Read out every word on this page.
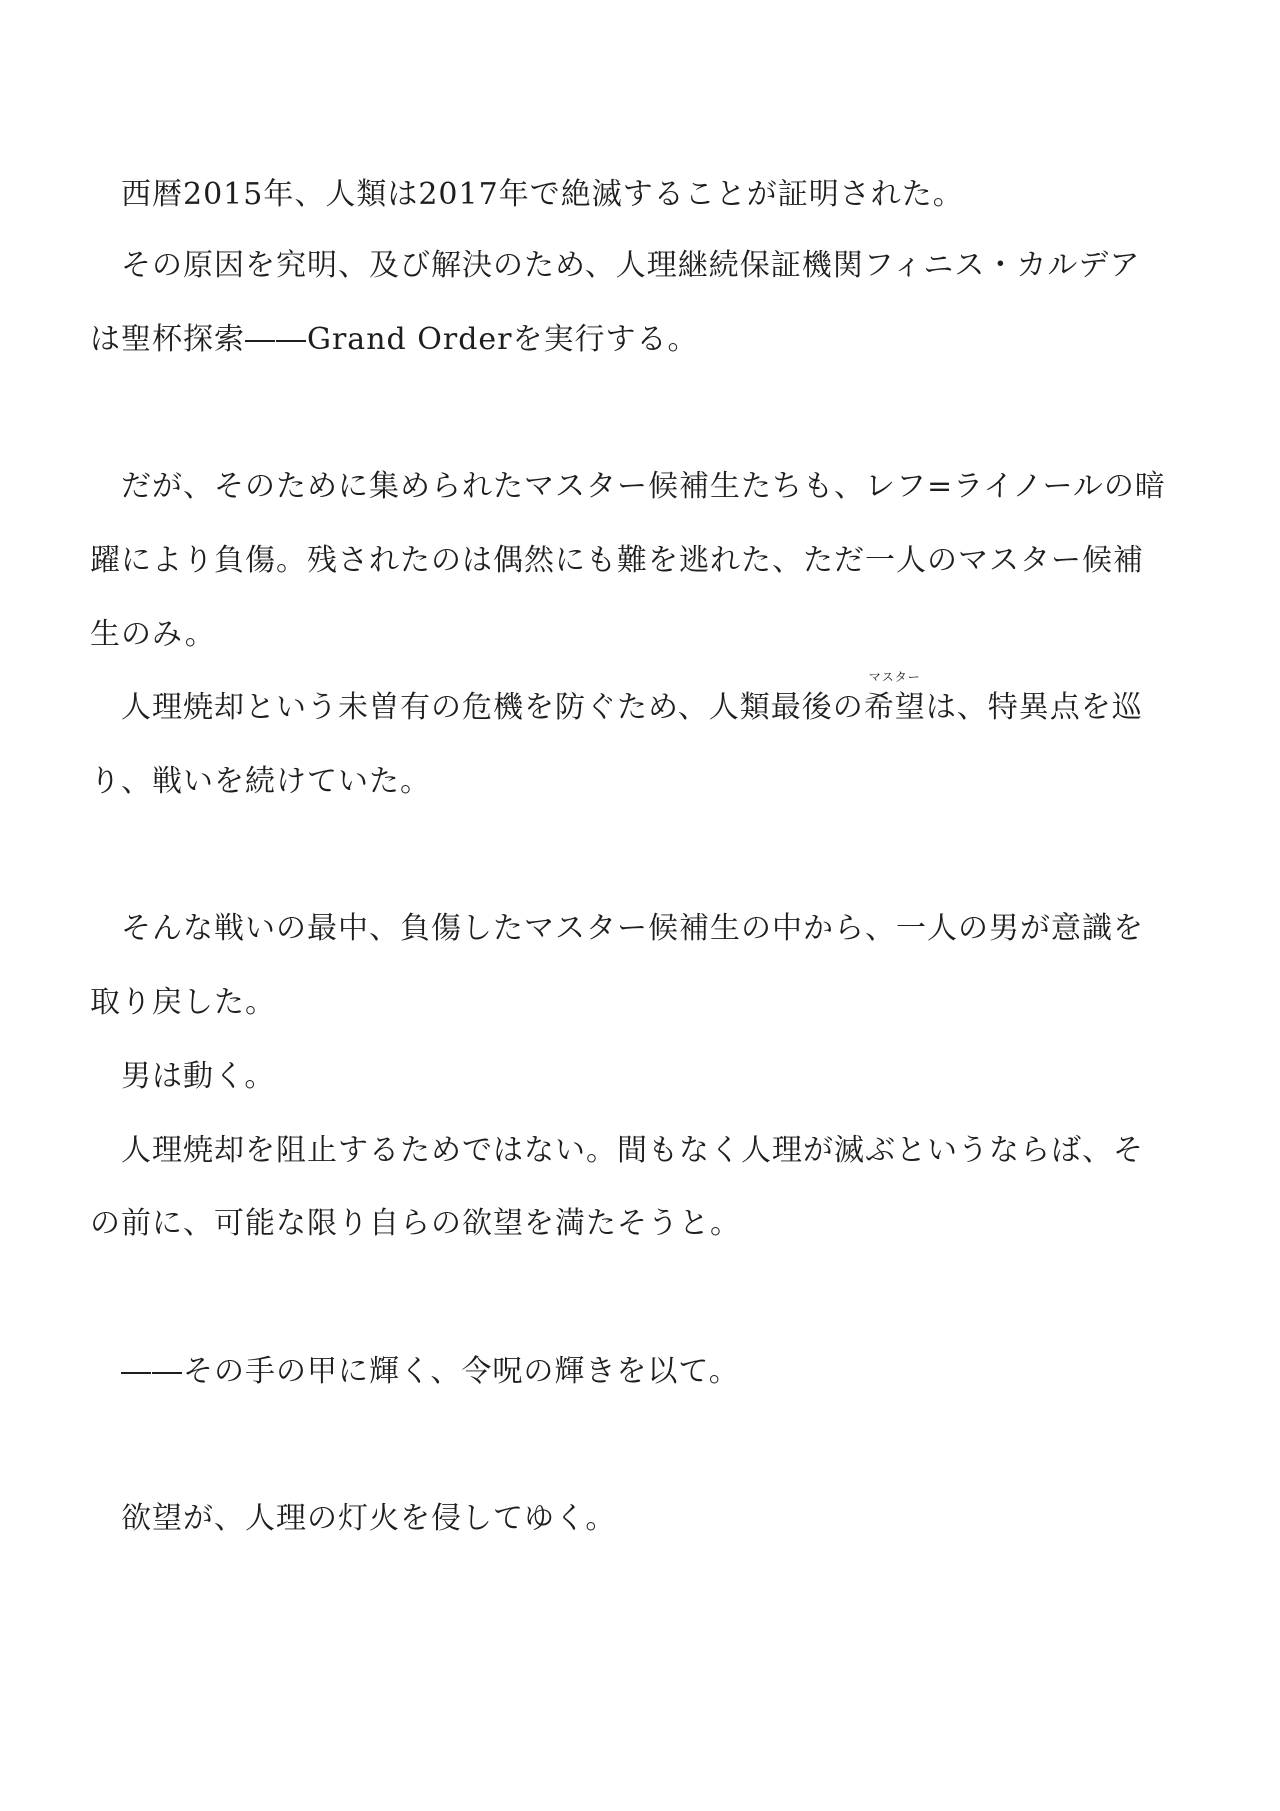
　西暦2015年、人類は2017年で絶滅することが証明された。
　その原因を究明、及び解決のため、人理継続保証機関フィニス・カルデア
は聖杯探索――Grand Orderを実行する。
　だが、そのために集められたマスター候補生たちも、レフ=ライノールの暗
躍により負傷。残されたのは偶然にも難を逃れた、ただ一人のマスター候補
生のみ。
　人理焼却という未曽有の危機を防ぐため、人類最後の
マスター
希望は、特異点を巡
り、戦いを続けていた。
　そんな戦いの最中、負傷したマスター候補生の中から、一人の男が意識を
取り戻した。
　男は動く。
　人理焼却を阻止するためではない。間もなく人理が滅ぶというならば、そ
の前に、可能な限り自らの欲望を満たそうと。
　――その手の甲に輝く、令呪の輝きを以て。
　欲望が、人理の灯火を侵してゆく。
